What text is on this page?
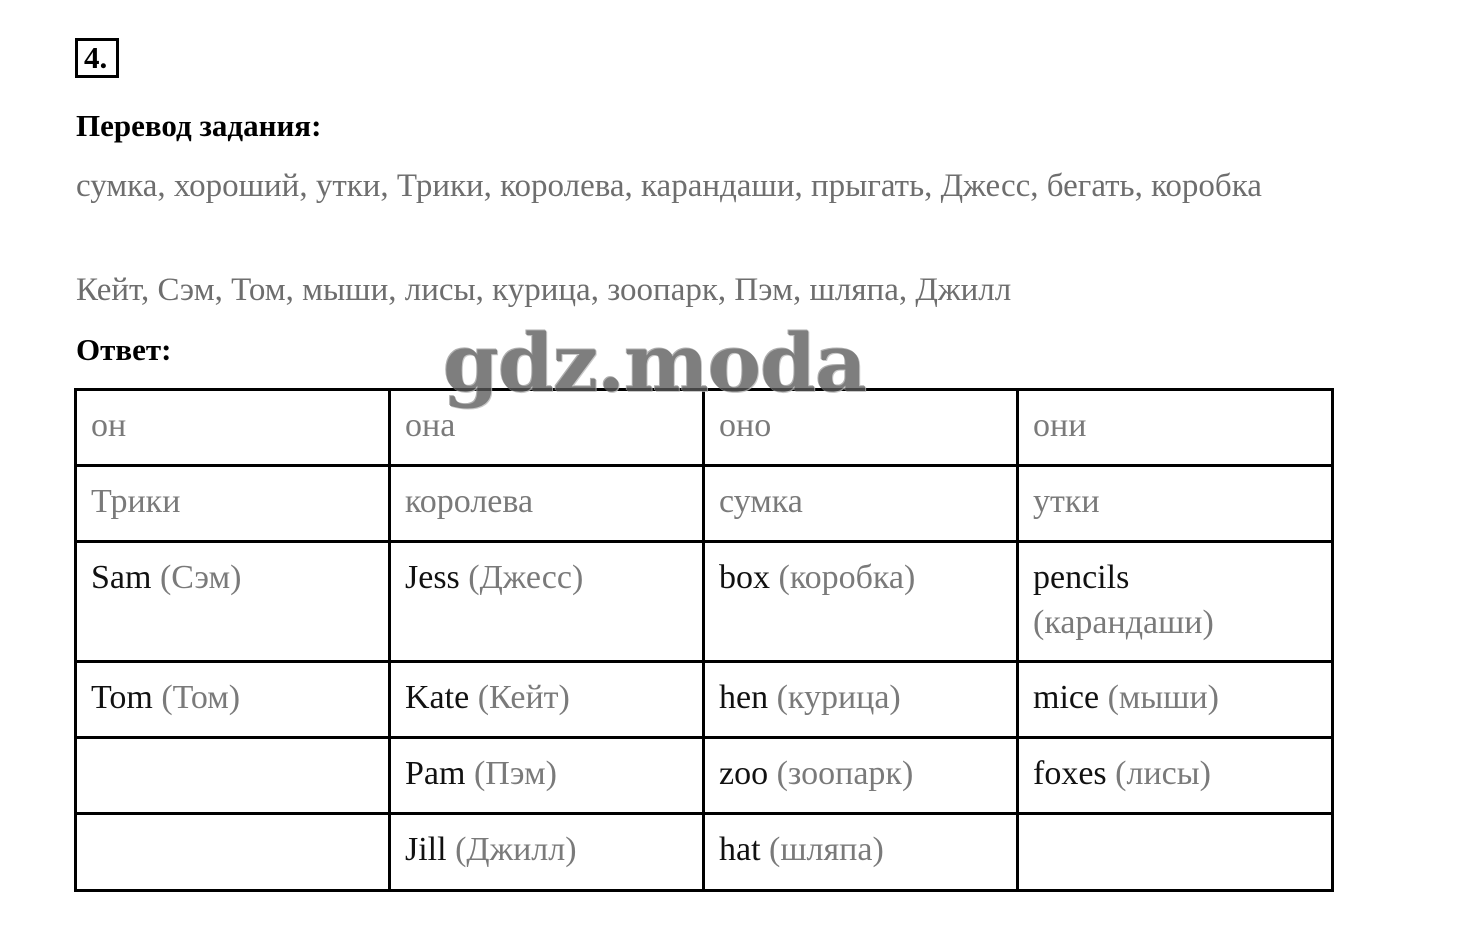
4.
Перевод задания:
сумка, хороший, утки, Трики, королева, карандаши, прыгать, Джесс, бегать, коробка
Кейт, Сэм, Том, мыши, лисы, курица, зоопарк, Пэм, шляпа, Джилл
Ответ:
он	она	оно	они
Трики	королева	сумка	утки
Sam (Сэм)	Jess (Джесс)	box (коробка)	pencils (карандаши)
Tom (Том)	Kate (Кейт)	hen (курица)	mice (мыши)
	Pam (Пэм)	zoo (зоопарк)	foxes (лисы)
	Jill (Джилл)	hat (шляпа)	
gdz.moda
